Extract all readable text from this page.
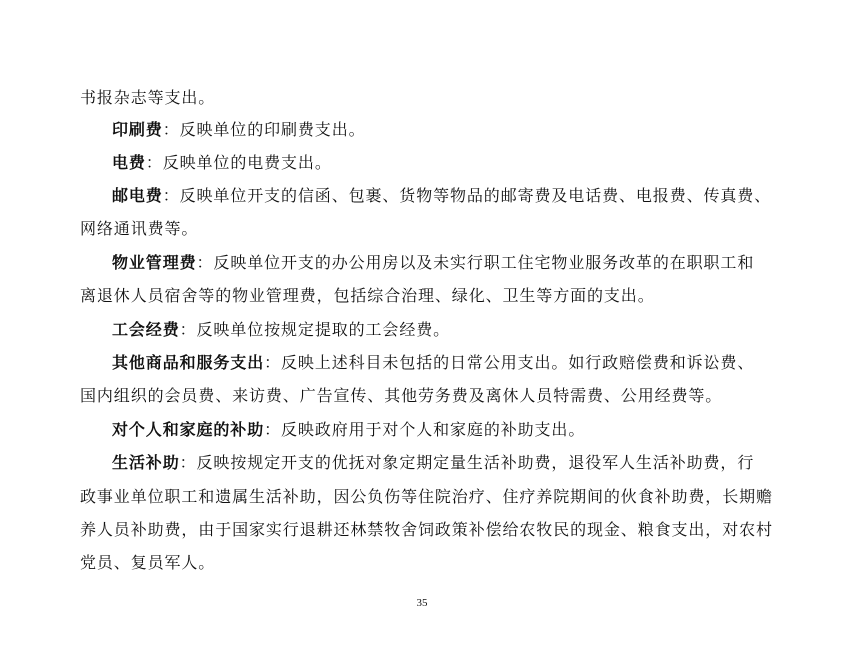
书报杂志等支出。
印刷费：反映单位的印刷费支出。
电费：反映单位的电费支出。
邮电费：反映单位开支的信函、包裹、货物等物品的邮寄费及电话费、电报费、传真费、
网络通讯费等。
物业管理费：反映单位开支的办公用房以及未实行职工住宅物业服务改革的在职职工和
离退休人员宿舍等的物业管理费，包括综合治理、绿化、卫生等方面的支出。
工会经费：反映单位按规定提取的工会经费。
其他商品和服务支出：反映上述科目未包括的日常公用支出。如行政赔偿费和诉讼费、
国内组织的会员费、来访费、广告宣传、其他劳务费及离休人员特需费、公用经费等。
对个人和家庭的补助：反映政府用于对个人和家庭的补助支出。
生活补助：反映按规定开支的优抚对象定期定量生活补助费，退役军人生活补助费，行
政事业单位职工和遗属生活补助，因公负伤等住院治疗、住疗养院期间的伙食补助费，长期赡
养人员补助费，由于国家实行退耕还林禁牧舍饲政策补偿给农牧民的现金、粮食支出，对农村
党员、复员军人。
35
